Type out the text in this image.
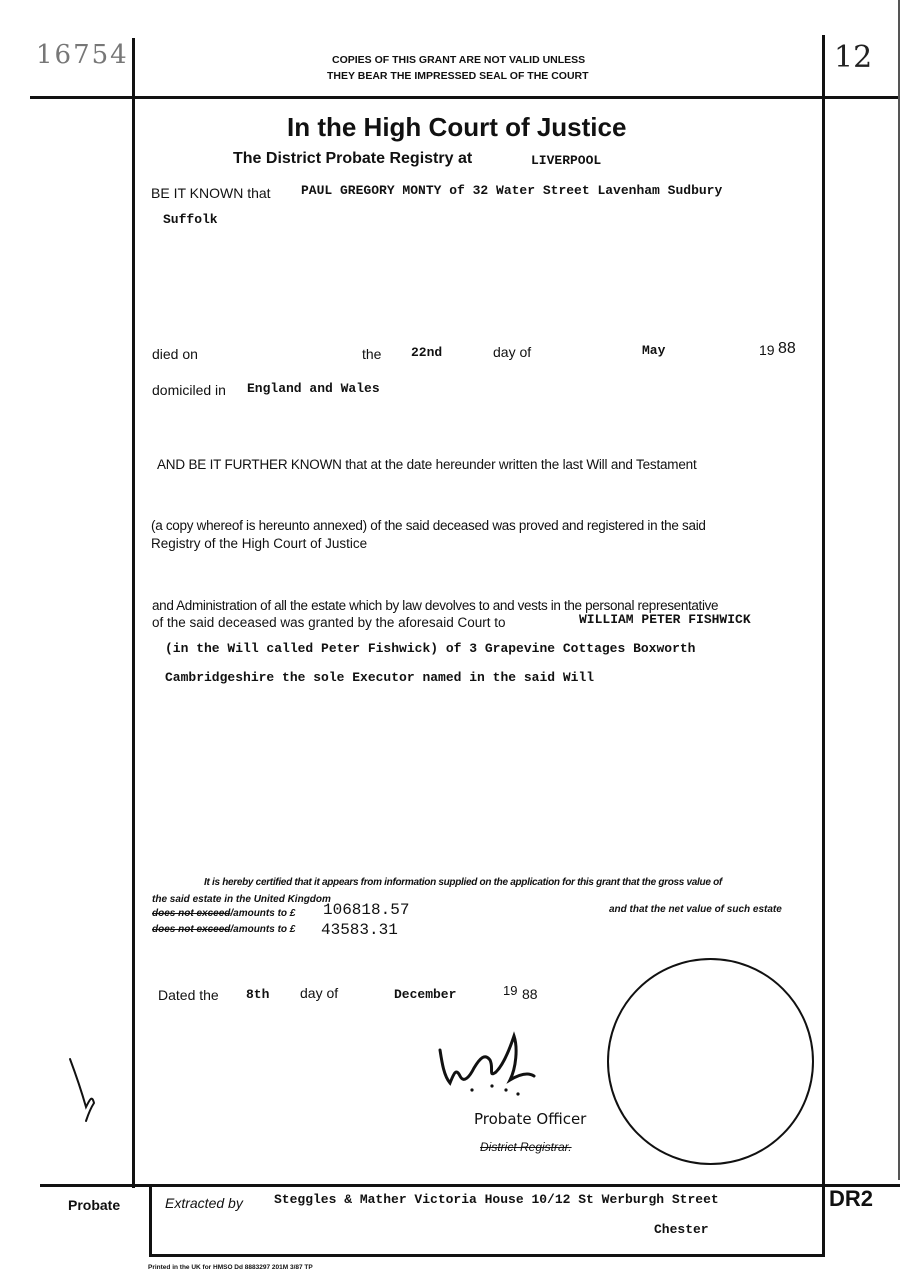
16754	12
COPIES OF THIS GRANT ARE NOT VALID UNLESS
THEY BEAR THE IMPRESSED SEAL OF THE COURT
In the High Court of Justice
The District Probate Registry at	LIVERPOOL
BE IT KNOWN that PAUL GREGORY MONTY of 32 Water Street Lavenham Sudbury
Suffolk
died on	the 22nd	day of	May	19 88
domiciled in England and Wales
AND BE IT FURTHER KNOWN that at the date hereunder written the last Will and Testament
(a copy whereof is hereunto annexed) of the said deceased was proved and registered in the said
Registry of the High Court of Justice
and Administration of all the estate which by law devolves to and vests in the personal representative
of the said deceased was granted by the aforesaid Court to	WILLIAM PETER FISHWICK
(in the Will called Peter Fishwick) of 3 Grapevine Cottages Boxworth
Cambridgeshire the sole Executor named in the said Will
It is hereby certified that it appears from information supplied on the application for this grant that the gross value of
the said estate in the United Kingdom
does not exceed/amounts to £ 106818.57	and that the net value of such estate
does not exceed/amounts to £ 43583.31
Dated the 8th day of	December	19 88
Probate Officer
District Registrar.
Probate	Extracted by Steggles & Mather Victoria House 10/12 St Werburgh Street
Chester
DR2
Printed in the UK for HMSO Dd 8883297 201M 3/87 TP
